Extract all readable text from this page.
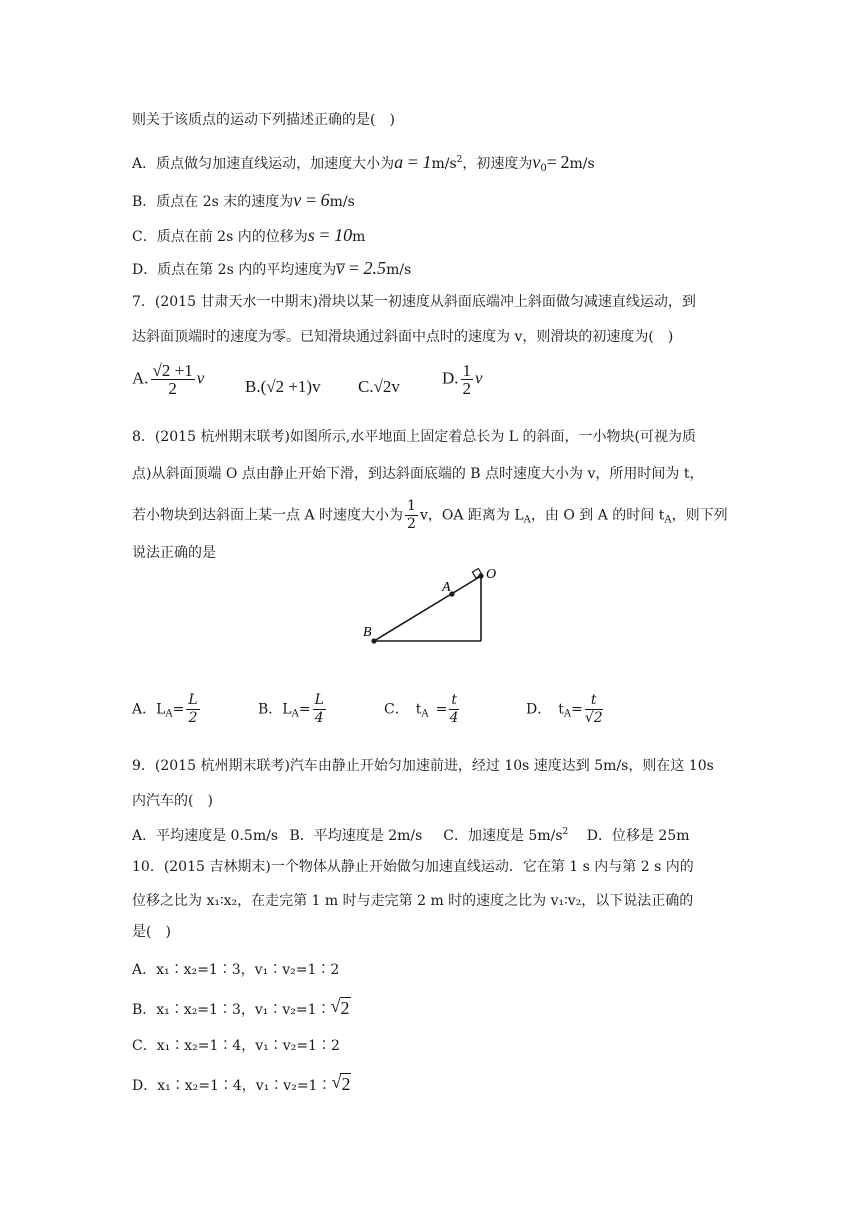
则关于该质点的运动下列描述正确的是(　)
A．质点做匀加速直线运动，加速度大小为$a = 1m/s^2$，初速度为$v_0= 2m/s$
B．质点在 2s 末的速度为v = 6m/s
C．质点在前 2s 内的位移为s = 10m
D．质点在第 2s 内的平均速度为v̅ = 2.5m/s
7．(2015 甘肃天水一中期末)滑块以某一初速度从斜面底端冲上斜面做匀减速直线运动，到
达斜面顶端时的速度为零。已知滑块通过斜面中点时的速度为 v，则滑块的初速度为(　)
A. $\frac{√2 +1}{2}$ v B.(√2 +1)v C.√2v D. $\frac{1}{2}$ v
8．(2015 杭州期末联考)如图所示,水平地面上固定着总长为 L 的斜面，一小物块(可视为质
点)从斜面顶端 O 点由静止开始下滑，到达斜面底端的 B 点时速度大小为 v，所用时间为 t，
若小物块到达斜面上某一点 A 时速度大小为 $\frac{1}{2}$ v，OA 距离为 $L_A$，由 O 到 A 的时间 $t_A$，则下列
说法正确的是
B
A
O
A．$L_A= \frac{L}{2}$	B．$L_A= \frac{L}{4}$	C． $t_A$ = $\frac{t}{4}$	D． $t_A= \frac{t}{√2}$
9．(2015 杭州期末联考)汽车由静止开始匀加速前进，经过 10s 速度达到 5m/s，则在这 10s
内汽车的(　)
A．平均速度是 0.5m/s  B．平均速度是 2m/s　 C．加速度是 $5m/s^2$　 D．位移是 25m
10．(2015 吉林期末)一个物体从静止开始做匀加速直线运动．它在第 1 s 内与第 2 s 内的
位移之比为 x₁∶x₂，在走完第 1 m 时与走完第 2 m 时的速度之比为 v₁∶v₂，以下说法正确的
是(　)
A．x₁∶x₂=1∶3，v₁∶v₂=1∶2
B．x₁∶x₂=1∶3，v₁∶v₂=1∶ √ 2
C．x₁∶x₂=1∶4，v₁∶v₂=1∶2
D．x₁∶x₂=1∶4，v₁∶v₂=1∶ √ 2
